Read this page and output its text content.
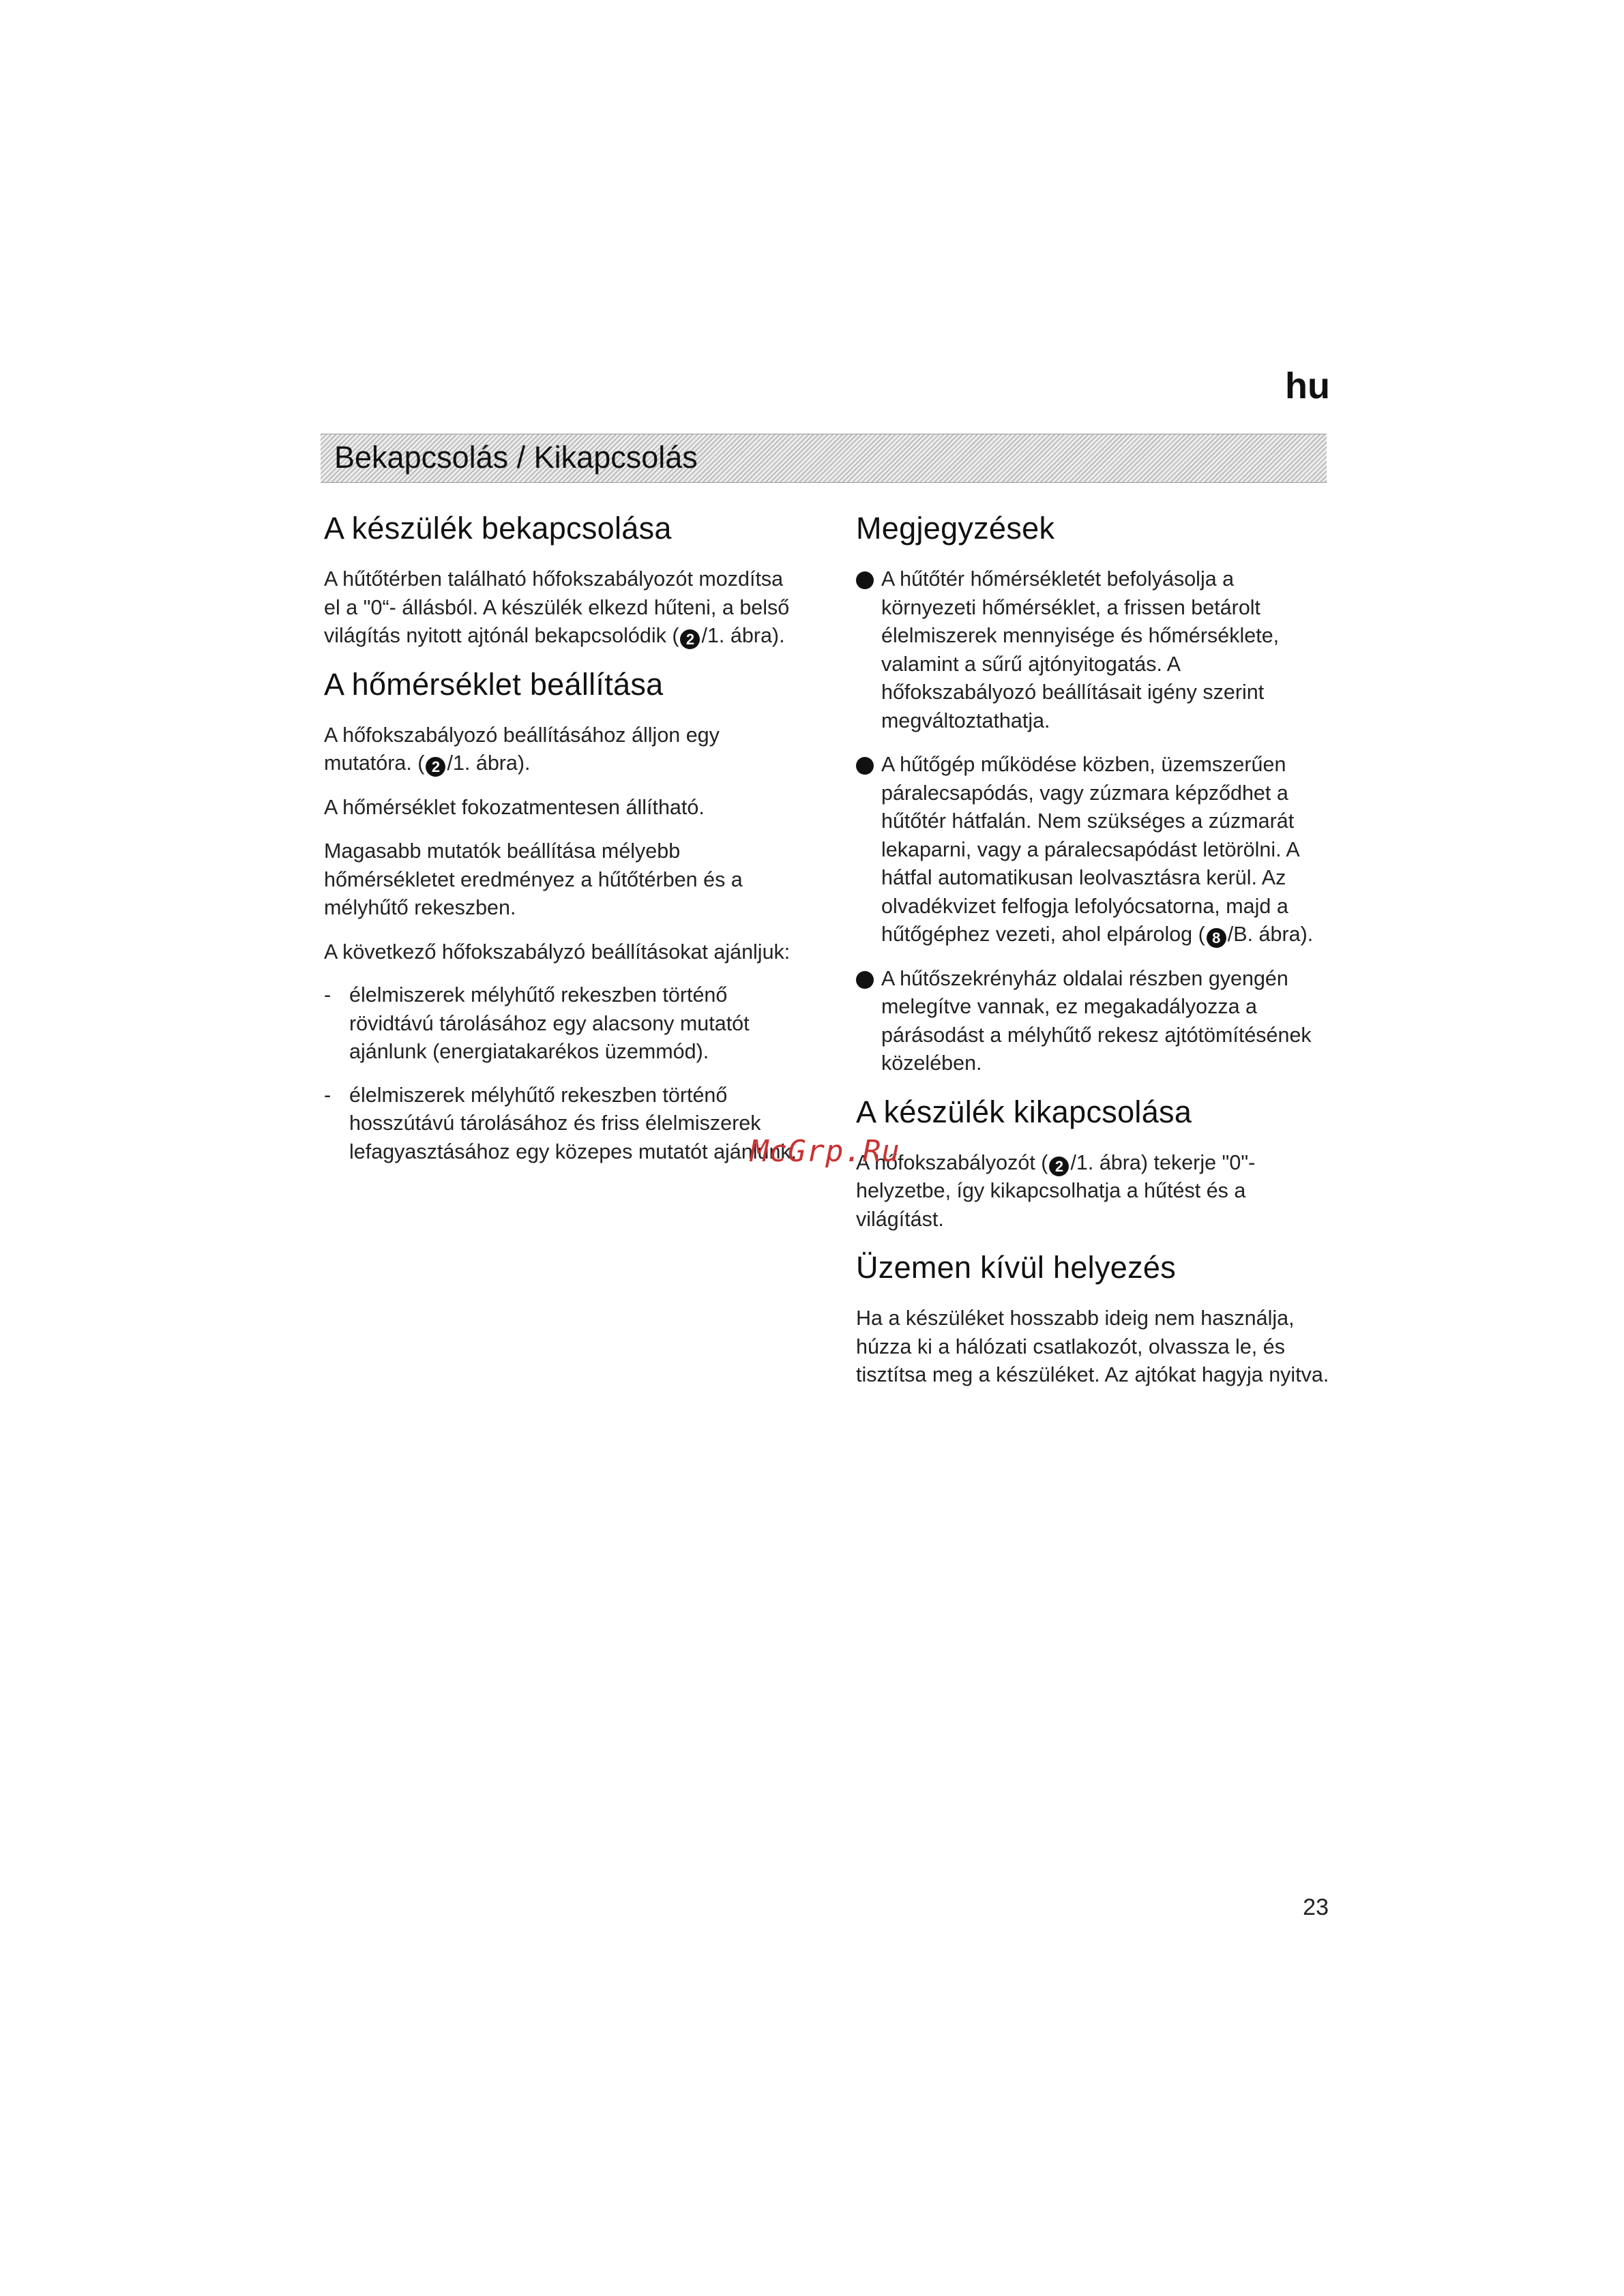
hu
Bekapcsolás / Kikapcsolás
A készülék bekapcsolása

A hűtőtérben található hőfokszabályozót mozdítsa el a "0“- állásból. A készülék elkezd hűteni, a belső világítás nyitott ajtónál bekapcsolódik ( 2 /1. ábra).

A hőmérséklet beállítása

A hőfokszabályozó beállításához álljon egy mutatóra. ( 2 /1. ábra).

A hőmérséklet fokozatmentesen állítható.

Magasabb mutatók beállítása mélyebb hőmérsékletet eredményez a hűtőtérben és a mélyhűtő rekeszben.

A következő hőfokszabályzó beállításokat ajánljuk:

- élelmiszerek mélyhűtő rekeszben történő rövidtávú tárolásához egy alacsony mutatót ajánlunk (energiatakarékos üzemmód).

- élelmiszerek mélyhűtő rekeszben történő hosszútávú tárolásához és friss élelmiszerek lefagyasztásához egy közepes mutatót ajánlunk.

Megjegyzések

A hűtőtér hőmérsékletét befolyásolja a környezeti hőmérséklet, a frissen betárolt élelmiszerek mennyisége és hőmérséklete, valamint a sűrű ajtónyitogatás. A hőfokszabályozó beállításait igény szerint megváltoztathatja.

A hűtőgép működése közben, üzemszerűen páralecsapódás, vagy zúzmara képződhet a hűtőtér hátfalán. Nem szükséges a zúzmarát lekaparni, vagy a páralecsapódást letörölni. A hátfal automatikusan leolvasztásra kerül. Az olvadékvizet felfogja lefolyócsatorna, majd a hűtőgéphez vezeti, ahol elpárolog ( 8 /B. ábra).

A hűtőszekrényház oldalai részben gyengén melegítve vannak, ez megakadályozza a párásodást a mélyhűtő rekesz ajtótömítésének közelében.

A készülék kikapcsolása

A hőfokszabályozót ( 2 /1. ábra) tekerje "0"-helyzetbe, így kikapcsolhatja a hűtést és a világítást.

Üzemen kívül helyezés

Ha a készüléket hosszabb ideig nem használja, húzza ki a hálózati csatlakozót, olvassza le, és tisztítsa meg a készüléket. Az ajtókat hagyja nyitva.

McGrp.Ru
23
